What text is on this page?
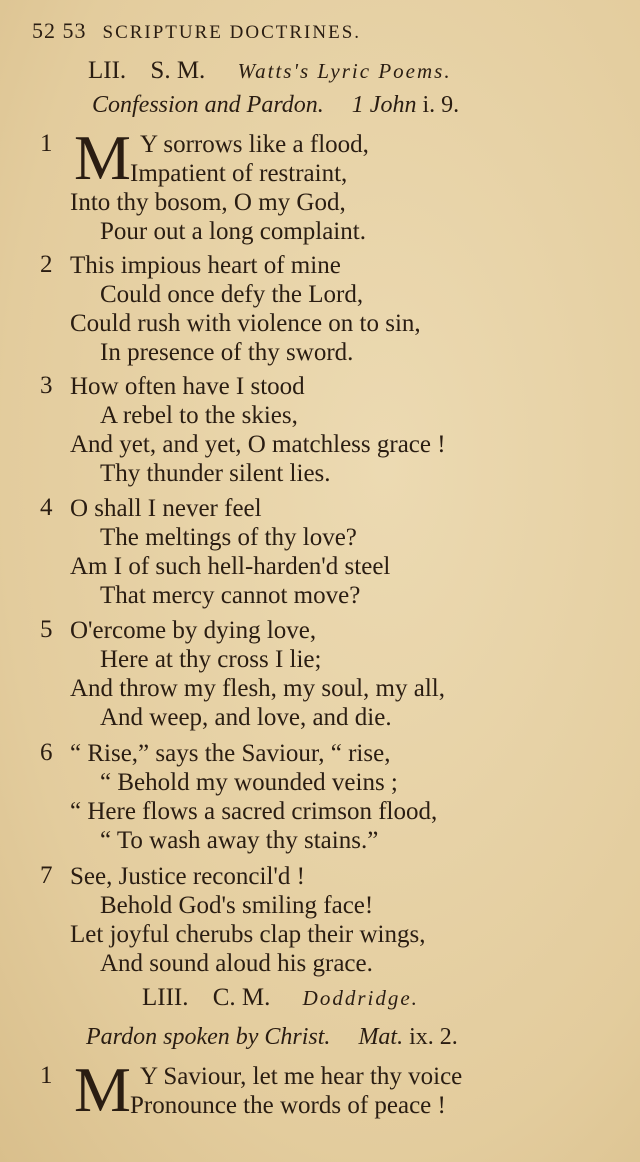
52 53 SCRIPTURE DOCTRINES.
LII. S. M. Watts's Lyric Poems.
Confession and Pardon. 1 John i. 9.
1 M Y sorrows like a flood,
Impatient of restraint,
Into thy bosom, O my God,
Pour out a long complaint.
2 This impious heart of mine
Could once defy the Lord,
Could rush with violence on to sin,
In presence of thy sword.
3 How often have I stood
A rebel to the skies,
And yet, and yet, O matchless grace !
Thy thunder silent lies.
4 O shall I never feel
The meltings of thy love?
Am I of such hell-harden'd steel
That mercy cannot move?
5 O'ercome by dying love,
Here at thy cross I lie;
And throw my flesh, my soul, my all,
And weep, and love, and die.
6 “ Rise,” says the Saviour, “ rise,
“ Behold my wounded veins ;
“ Here flows a sacred crimson flood,
“ To wash away thy stains.”
7 See, Justice reconcil'd !
Behold God's smiling face!
Let joyful cherubs clap their wings,
And sound aloud his grace.
LIII. C. M. Doddridge.
Pardon spoken by Christ. Mat. ix. 2.
1 M Y Saviour, let me hear thy voice
Pronounce the words of peace !
